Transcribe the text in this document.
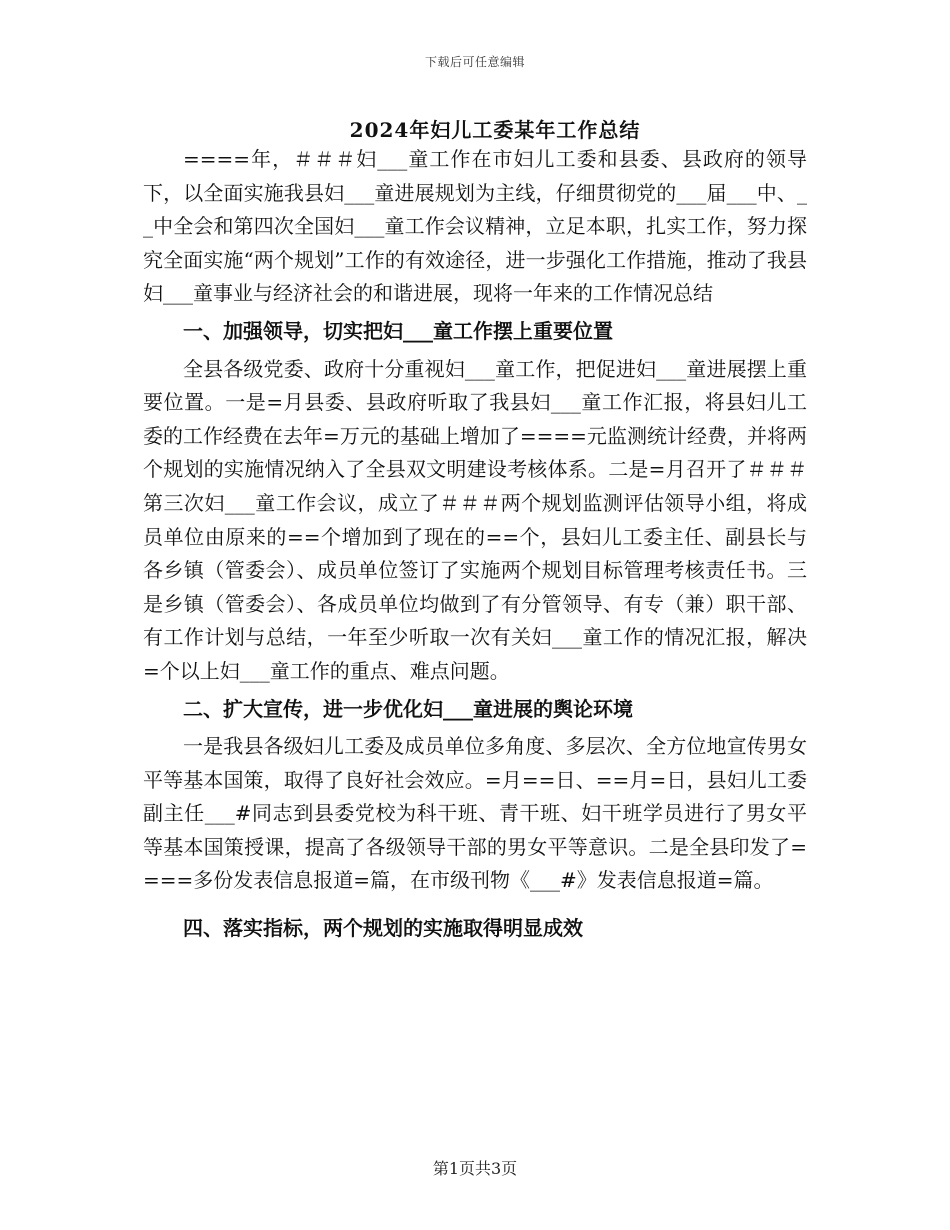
下载后可任意编辑
2024年妇儿工委某年工作总结

====年，＃＃＃妇___童工作在市妇儿工委和县委、县政府的领导下，以全面实施我县妇___童进展规划为主线，仔细贯彻党的___届___中、__中全会和第四次全国妇___童工作会议精神，立足本职，扎实工作，努力探究全面实施“两个规划”工作的有效途径，进一步强化工作措施，推动了我县妇___童事业与经济社会的和谐进展，现将一年来的工作情况总结

一、加强领导，切实把妇___童工作摆上重要位置

全县各级党委、政府十分重视妇___童工作，把促进妇___童进展摆上重要位置。一是=月县委、县政府听取了我县妇___童工作汇报，将县妇儿工委的工作经费在去年=万元的基础上增加了====元监测统计经费，并将两个规划的实施情况纳入了全县双文明建设考核体系。二是=月召开了＃＃＃第三次妇___童工作会议，成立了＃＃＃两个规划监测评估领导小组，将成员单位由原来的==个增加到了现在的==个，县妇儿工委主任、副县长与各乡镇（管委会）、成员单位签订了实施两个规划目标管理考核责任书。三是乡镇（管委会）、各成员单位均做到了有分管领导、有专（兼）职干部、有工作计划与总结，一年至少听取一次有关妇___童工作的情况汇报，解决=个以上妇___童工作的重点、难点问题。

二、扩大宣传，进一步优化妇___童进展的舆论环境

一是我县各级妇儿工委及成员单位多角度、多层次、全方位地宣传男女平等基本国策，取得了良好社会效应。=月==日、==月=日，县妇儿工委副主任___#同志到县委党校为科干班、青干班、妇干班学员进行了男女平等基本国策授课，提高了各级领导干部的男女平等意识。二是全县印发了====多份发表信息报道=篇，在市级刊物《___#》发表信息报道=篇。

四、落实指标，两个规划的实施取得明显成效

第1页共3页
